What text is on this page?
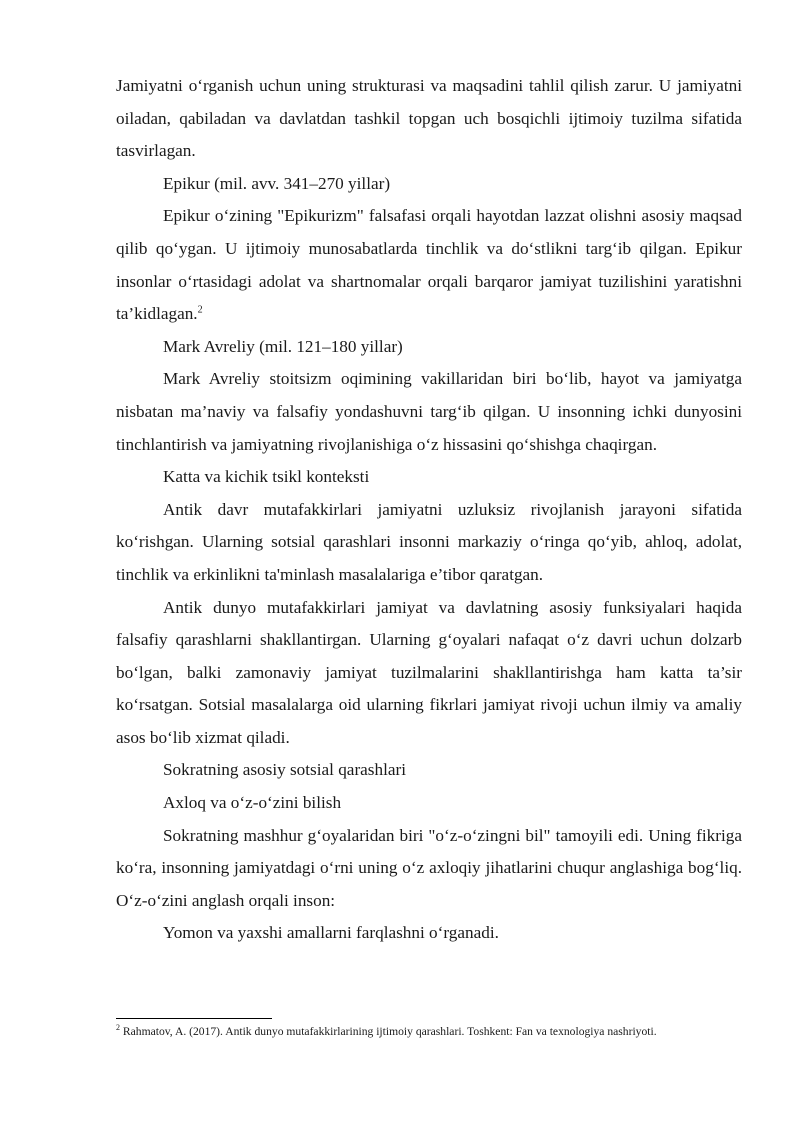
Jamiyatni o‘rganish uchun uning strukturasi va maqsadini tahlil qilish zarur. U jamiyatni oiladan, qabiladan va davlatdan tashkil topgan uch bosqichli ijtimoiy tuzilma sifatida tasvirlagan.

Epikur (mil. avv. 341–270 yillar)

Epikur o‘zining "Epikurizm" falsafasi orqali hayotdan lazzat olishni asosiy maqsad qilib qo‘ygan. U ijtimoiy munosabatlarda tinchlik va do‘stlikni targ‘ib qilgan. Epikur insonlar o‘rtasidagi adolat va shartnomalar orqali barqaror jamiyat tuzilishini yaratishni ta’kidlagan.$^2$

Mark Avreliy (mil. 121–180 yillar)

Mark Avreliy stoitsizm oqimining vakillaridan biri bo‘lib, hayot va jamiyatga nisbatan ma’naviy va falsafiy yondashuvni targ‘ib qilgan. U insonning ichki dunyosini tinchlantirish va jamiyatning rivojlanishiga o‘z hissasini qo‘shishga chaqirgan.

Katta va kichik tsikl konteksti

Antik davr mutafakkirlari jamiyatni uzluksiz rivojlanish jarayoni sifatida ko‘rishgan. Ularning sotsial qarashlari insonni markaziy o‘ringa qo‘yib, ahloq, adolat, tinchlik va erkinlikni ta'minlash masalalariga e’tibor qaratgan.

Antik dunyo mutafakkirlari jamiyat va davlatning asosiy funksiyalari haqida falsafiy qarashlarni shakllantirgan. Ularning g‘oyalari nafaqat o‘z davri uchun dolzarb bo‘lgan, balki zamonaviy jamiyat tuzilmalarini shakllantirishga ham katta ta’sir ko‘rsatgan. Sotsial masalalarga oid ularning fikrlari jamiyat rivoji uchun ilmiy va amaliy asos bo‘lib xizmat qiladi.

Sokratning asosiy sotsial qarashlari

Axloq va o‘z-o‘zini bilish

Sokratning mashhur g‘oyalaridan biri "o‘z-o‘zingni bil" tamoyili edi. Uning fikriga ko‘ra, insonning jamiyatdagi o‘rni uning o‘z axloqiy jihatlarini chuqur anglashiga bog‘liq. O‘z-o‘zini anglash orqali inson:

Yomon va yaxshi amallarni farqlashni o‘rganadi.

$^2$ Rahmatov, A. (2017). Antik dunyo mutafakkirlarining ijtimoiy qarashlari. Toshkent: Fan va texnologiya nashriyoti.
